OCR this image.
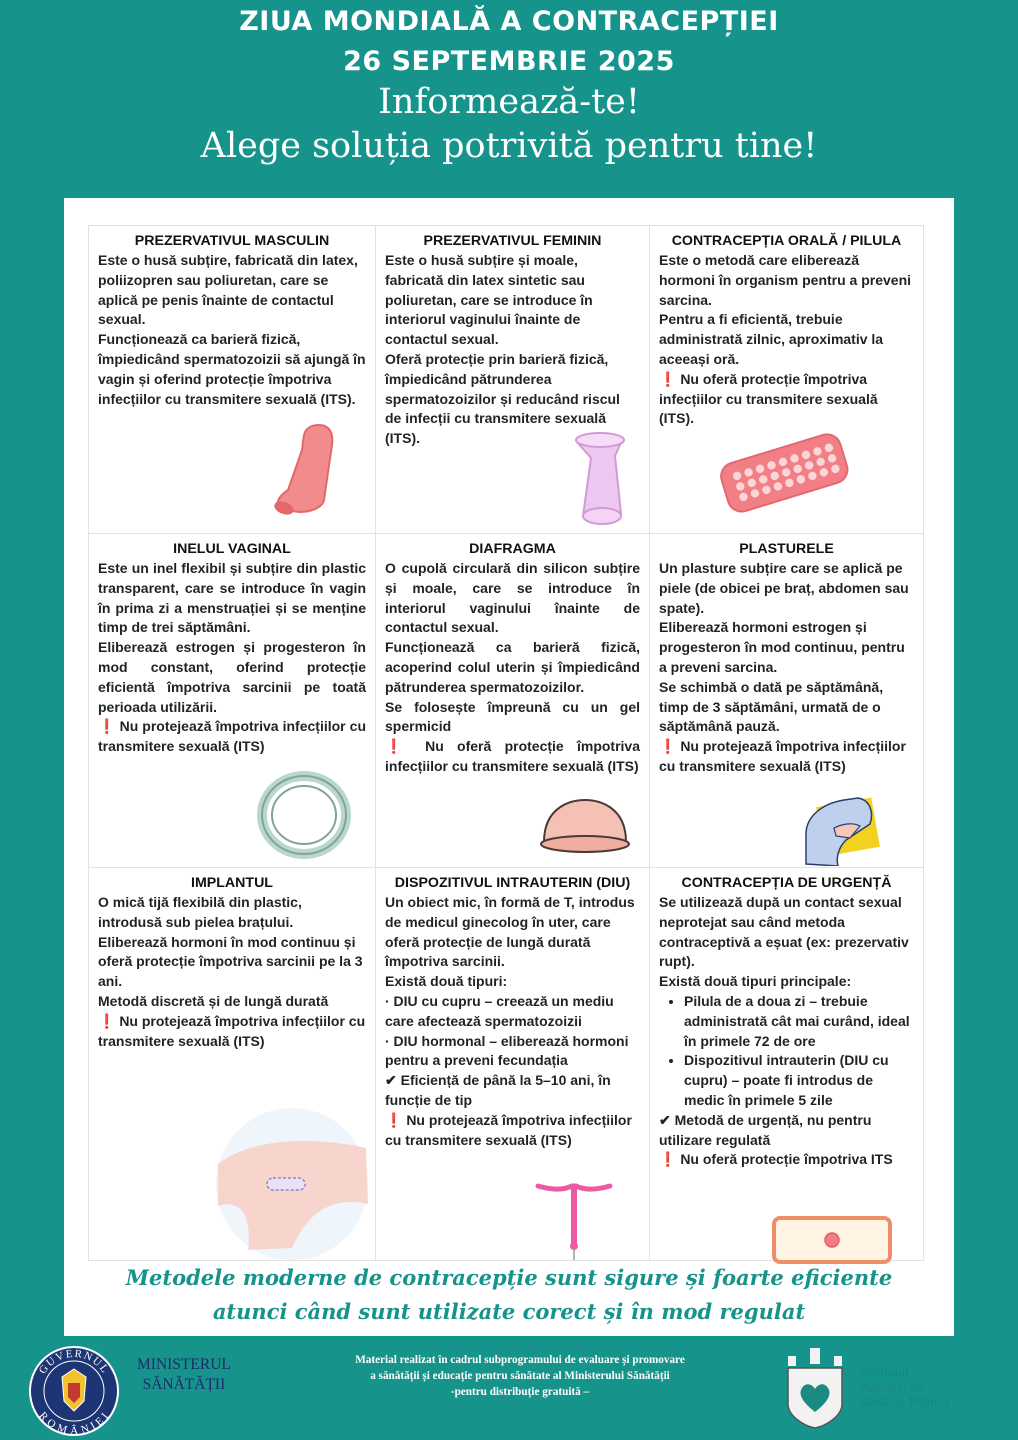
ZIUA MONDIALĂ A CONTRACEPȚIEI
26 SEPTEMBRIE 2025
Informează-te!
Alege soluția potrivită pentru tine!
PREZERVATIVUL MASCULIN
Este o husă subțire, fabricată din latex, poliizopren sau poliuretan, care se aplică pe penis înainte de contactul sexual.
Funcționează ca barieră fizică, împiedicând spermatozoizii să ajungă în vagin și oferind protecție împotriva infecțiilor cu transmitere sexuală (ITS).
PREZERVATIVUL FEMININ
Este o husă subțire și moale, fabricată din latex sintetic sau poliuretan, care se introduce în interiorul vaginului înainte de contactul sexual.
Oferă protecție prin barieră fizică, împiedicând pătrunderea spermatozoizilor și reducând riscul de infecții cu transmitere sexuală (ITS).
CONTRACEPȚIA ORALĂ / PILULA
Este o metodă care eliberează hormoni în organism pentru a preveni sarcina.
Pentru a fi eficientă, trebuie administrată zilnic, aproximativ la aceeași oră.
❗ Nu oferă protecție împotriva infecțiilor cu transmitere sexuală (ITS).
INELUL VAGINAL
Este un inel flexibil și subțire din plastic transparent, care se introduce în vagin în prima zi a menstruației și se menține timp de trei săptămâni.
Eliberează estrogen și progesteron în mod constant, oferind protecție eficientă împotriva sarcinii pe toată perioada utilizării.
❗ Nu protejează împotriva infecțiilor cu transmitere sexuală (ITS)
DIAFRAGMA
O cupolă circulară din silicon subțire și moale, care se introduce în interiorul vaginului înainte de contactul sexual.
Funcționează ca barieră fizică, acoperind colul uterin și împiedicând pătrunderea spermatozoizilor.
Se folosește împreună cu un gel spermicid
❗ Nu oferă protecție împotriva infecțiilor cu transmitere sexuală (ITS)
PLASTURELE
Un plasture subțire care se aplică pe piele (de obicei pe braț, abdomen sau spate).
Eliberează hormoni estrogen și progesteron în mod continuu, pentru a preveni sarcina.
Se schimbă o dată pe săptămână, timp de 3 săptămâni, urmată de o săptămână pauză.
❗ Nu protejează împotriva infecțiilor cu transmitere sexuală (ITS)
IMPLANTUL
O mică tijă flexibilă din plastic, introdusă sub pielea brațului.
Eliberează hormoni în mod continuu și oferă protecție împotriva sarcinii pe la 3 ani.
Metodă discretă și de lungă durată
❗ Nu protejează împotriva infecțiilor cu transmitere sexuală (ITS)
DISPOZITIVUL INTRAUTERIN (DIU)
Un obiect mic, în formă de T, introdus de medicul ginecolog în uter, care oferă protecție de lungă durată împotriva sarcinii.
Există două tipuri:
· DIU cu cupru – creează un mediu care afectează spermatozoizii
· DIU hormonal – eliberează hormoni pentru a preveni fecundația
✔ Eficiență de până la 5–10 ani, în funcție de tip
❗ Nu protejează împotriva infecțiilor cu transmitere sexuală (ITS)
CONTRACEPȚIA DE URGENȚĂ
Se utilizează după un contact sexual neprotejat sau când metoda contraceptivă a eșuat (ex: prezervativ rupt).
Există două tipuri principale:
• Pilula de a doua zi – trebuie administrată cât mai curând, ideal în primele 72 de ore
• Dispozitivul intrauterin (DIU cu cupru) – poate fi introdus de medic în primele 5 zile
✔ Metodă de urgență, nu pentru utilizare regulată
❗ Nu oferă protecție împotriva ITS
Metodele moderne de contracepție sunt sigure și foarte eficiente
atunci când sunt utilizate corect și în mod regulat
GUVERNUL
ROMÂNIEI
MINISTERUL
SĂNĂTĂȚII
Material realizat în cadrul subprogramului de evaluare și promovare
a sănătății și educație pentru sănătate al Ministerului Sănătății
-pentru distribuție gratuită –
Institutul
Național de
Sănătate Publică
